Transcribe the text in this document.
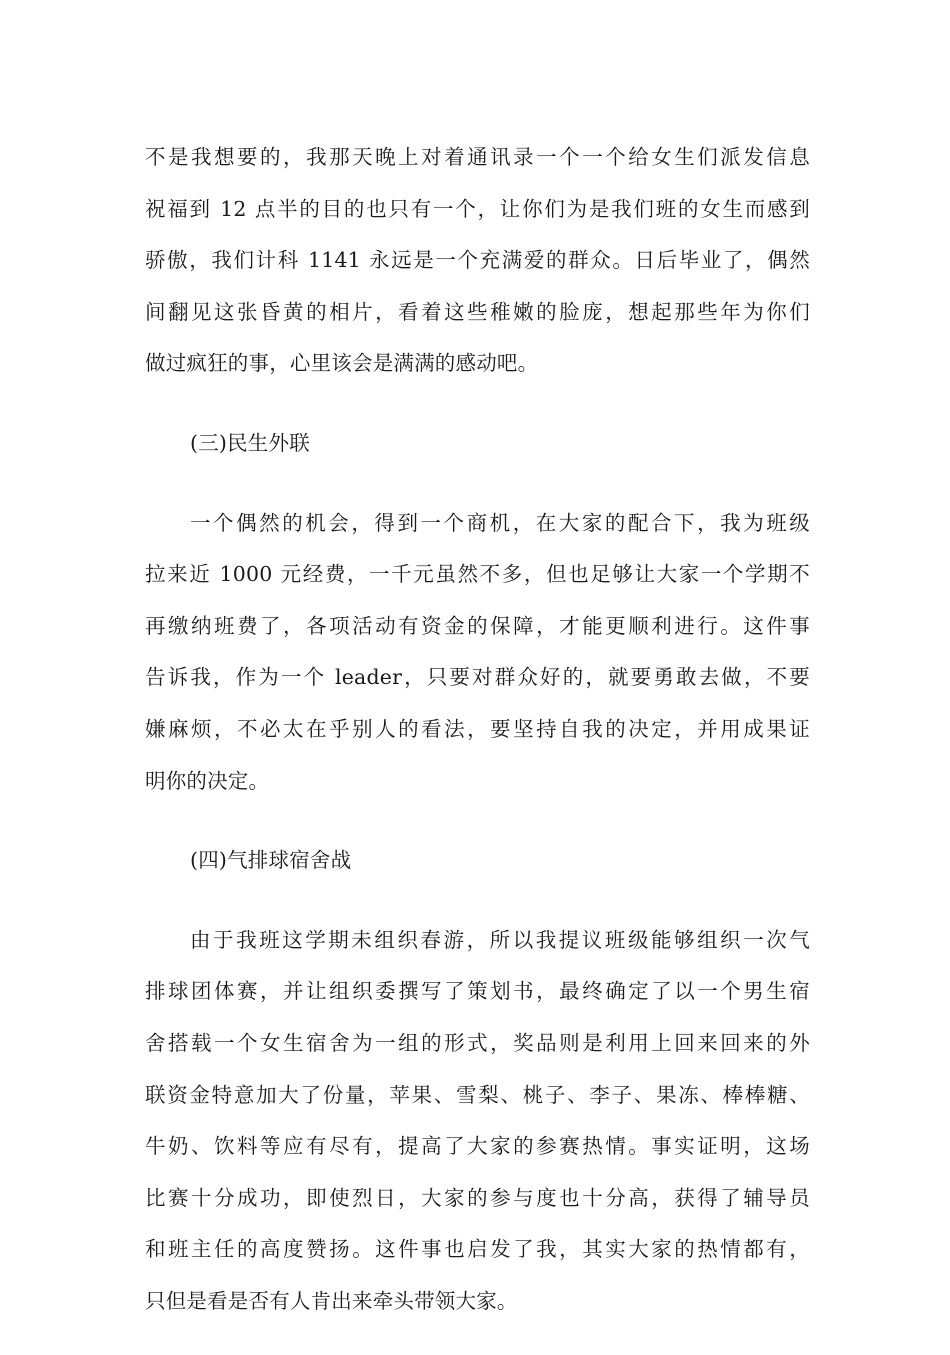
不是我想要的，我那天晚上对着通讯录一个一个给女生们派发信息
祝福到 12 点半的目的也只有一个，让你们为是我们班的女生而感到
骄傲，我们计科 1141 永远是一个充满爱的群众。日后毕业了，偶然
间翻见这张昏黄的相片，看着这些稚嫩的脸庞，想起那些年为你们
做过疯狂的事，心里该会是满满的感动吧。
(三)民生外联
一个偶然的机会，得到一个商机，在大家的配合下，我为班级
拉来近 1000 元经费，一千元虽然不多，但也足够让大家一个学期不
再缴纳班费了，各项活动有资金的保障，才能更顺利进行。这件事
告诉我，作为一个 leader，只要对群众好的，就要勇敢去做，不要
嫌麻烦，不必太在乎别人的看法，要坚持自我的决定，并用成果证
明你的决定。
(四)气排球宿舍战
由于我班这学期未组织春游，所以我提议班级能够组织一次气
排球团体赛，并让组织委撰写了策划书，最终确定了以一个男生宿
舍搭载一个女生宿舍为一组的形式，奖品则是利用上回来回来的外
联资金特意加大了份量，苹果、雪梨、桃子、李子、果冻、棒棒糖、
牛奶、饮料等应有尽有，提高了大家的参赛热情。事实证明，这场
比赛十分成功，即使烈日，大家的参与度也十分高，获得了辅导员
和班主任的高度赞扬。这件事也启发了我，其实大家的热情都有，
只但是看是否有人肯出来牵头带领大家。
